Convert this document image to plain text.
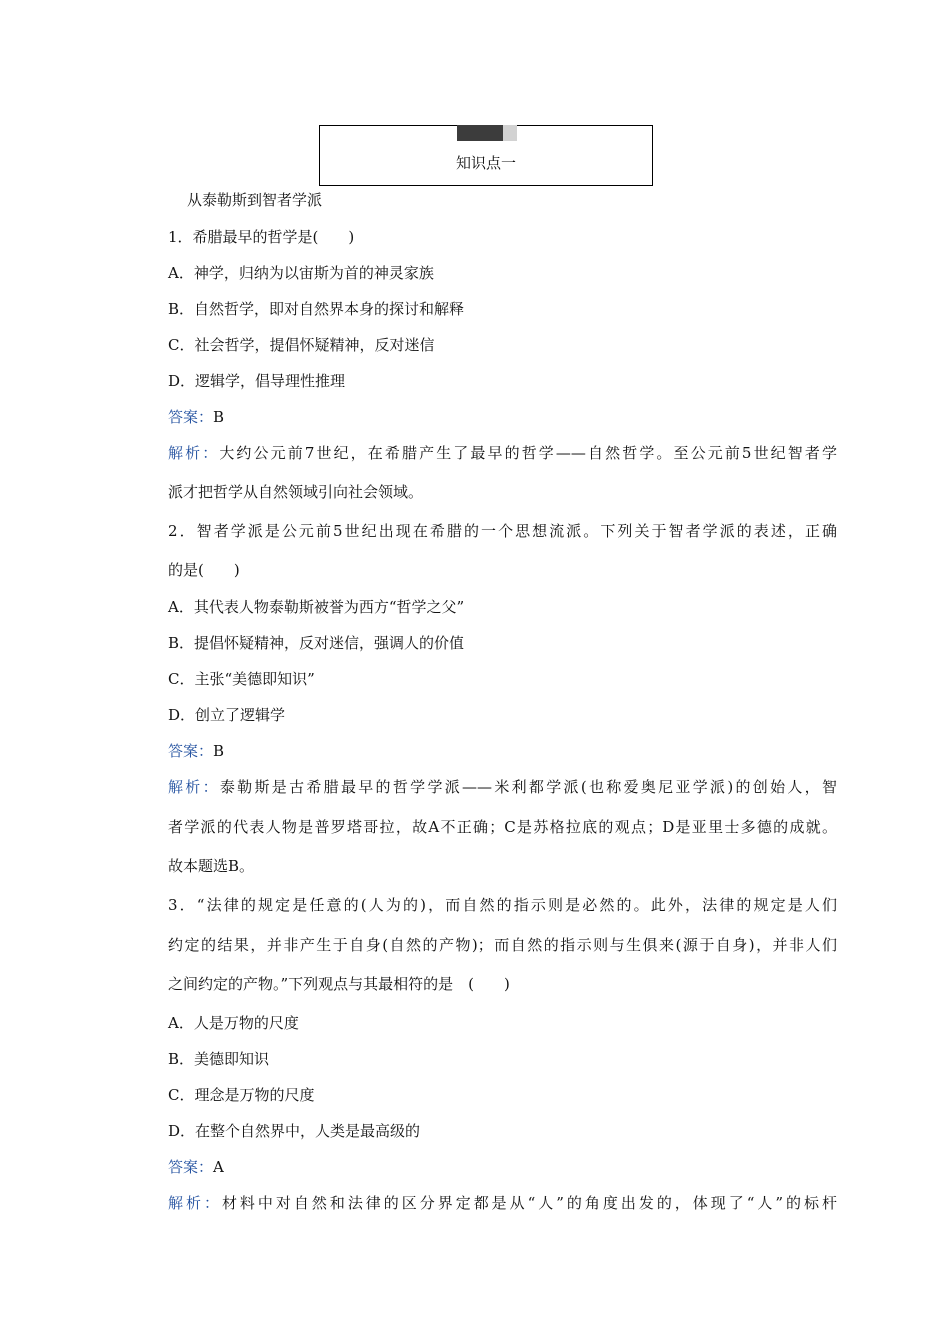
知识点一
从泰勒斯到智者学派
1．希腊最早的哲学是(　　)
A．神学，归纳为以宙斯为首的神灵家族
B．自然哲学，即对自然界本身的探讨和解释
C．社会哲学，提倡怀疑精神，反对迷信
D．逻辑学，倡导理性推理
答案：B
解析：大约公元前7世纪，在希腊产生了最早的哲学——自然哲学。至公元前5世纪智者学
派才把哲学从自然领域引向社会领域。
2．智者学派是公元前5世纪出现在希腊的一个思想流派。下列关于智者学派的表述，正确
的是(　　)
A．其代表人物泰勒斯被誉为西方“哲学之父”
B．提倡怀疑精神，反对迷信，强调人的价值
C．主张“美德即知识”
D．创立了逻辑学
答案：B
解析：泰勒斯是古希腊最早的哲学学派——米利都学派(也称爱奥尼亚学派)的创始人，智
者学派的代表人物是普罗塔哥拉，故A不正确；C是苏格拉底的观点；D是亚里士多德的成就。
故本题选B。
3．“法律的规定是任意的(人为的)，而自然的指示则是必然的。此外，法律的规定是人们
约定的结果，并非产生于自身(自然的产物)；而自然的指示则与生俱来(源于自身)，并非人们
之间约定的产物。”下列观点与其最相符的是　(　　)
A．人是万物的尺度
B．美德即知识
C．理念是万物的尺度
D．在整个自然界中，人类是最高级的
答案：A
解析：材料中对自然和法律的区分界定都是从“人”的角度出发的，体现了“人”的标杆
